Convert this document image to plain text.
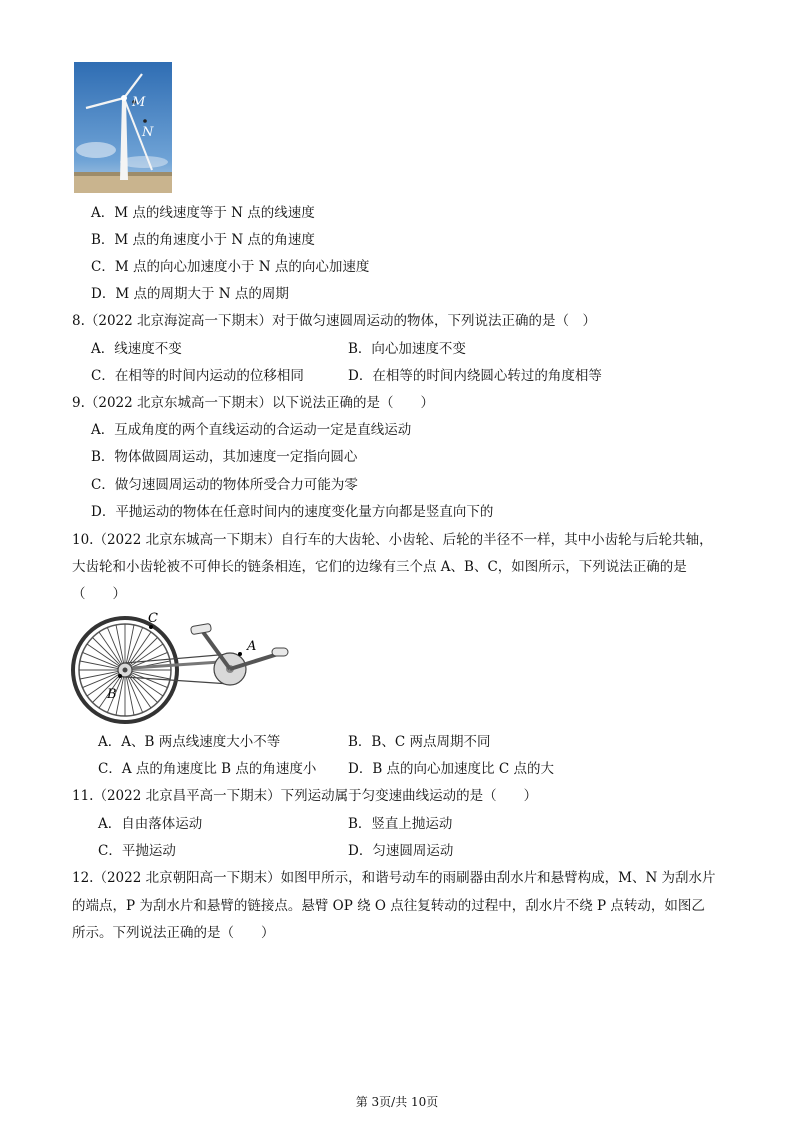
M
N
A．M 点的线速度等于 N 点的线速度
B．M 点的角速度小于 N 点的角速度
C．M 点的向心加速度小于 N 点的向心加速度
D．M 点的周期大于 N 点的周期
8.（2022 北京海淀高一下期末）对于做匀速圆周运动的物体，下列说法正确的是（　）
A．线速度不变	B．向心加速度不变
C．在相等的时间内运动的位移相同	D．在相等的时间内绕圆心转过的角度相等
9.（2022 北京东城高一下期末）以下说法正确的是（　　）
A．互成角度的两个直线运动的合运动一定是直线运动
B．物体做圆周运动，其加速度一定指向圆心
C．做匀速圆周运动的物体所受合力可能为零
D．平抛运动的物体在任意时间内的速度变化量方向都是竖直向下的
10.（2022 北京东城高一下期末）自行车的大齿轮、小齿轮、后轮的半径不一样，其中小齿轮与后轮共轴，
大齿轮和小齿轮被不可伸长的链条相连，它们的边缘有三个点 A、B、C，如图所示，下列说法正确的是
（　　）
C
A
B
A．A、B 两点线速度大小不等	B．B、C 两点周期不同
C．A 点的角速度比 B 点的角速度小 D．B 点的向心加速度比 C 点的大
11.（2022 北京昌平高一下期末）下列运动属于匀变速曲线运动的是（　　）
A．自由落体运动	B．竖直上抛运动
C．平抛运动	D．匀速圆周运动
12.（2022 北京朝阳高一下期末）如图甲所示，和谐号动车的雨刷器由刮水片和悬臂构成，M、N 为刮水片
的端点，P 为刮水片和悬臂的链接点。悬臂 OP 绕 O 点往复转动的过程中，刮水片不绕 P 点转动，如图乙
所示。下列说法正确的是（　　）
第 3页/共 10页
